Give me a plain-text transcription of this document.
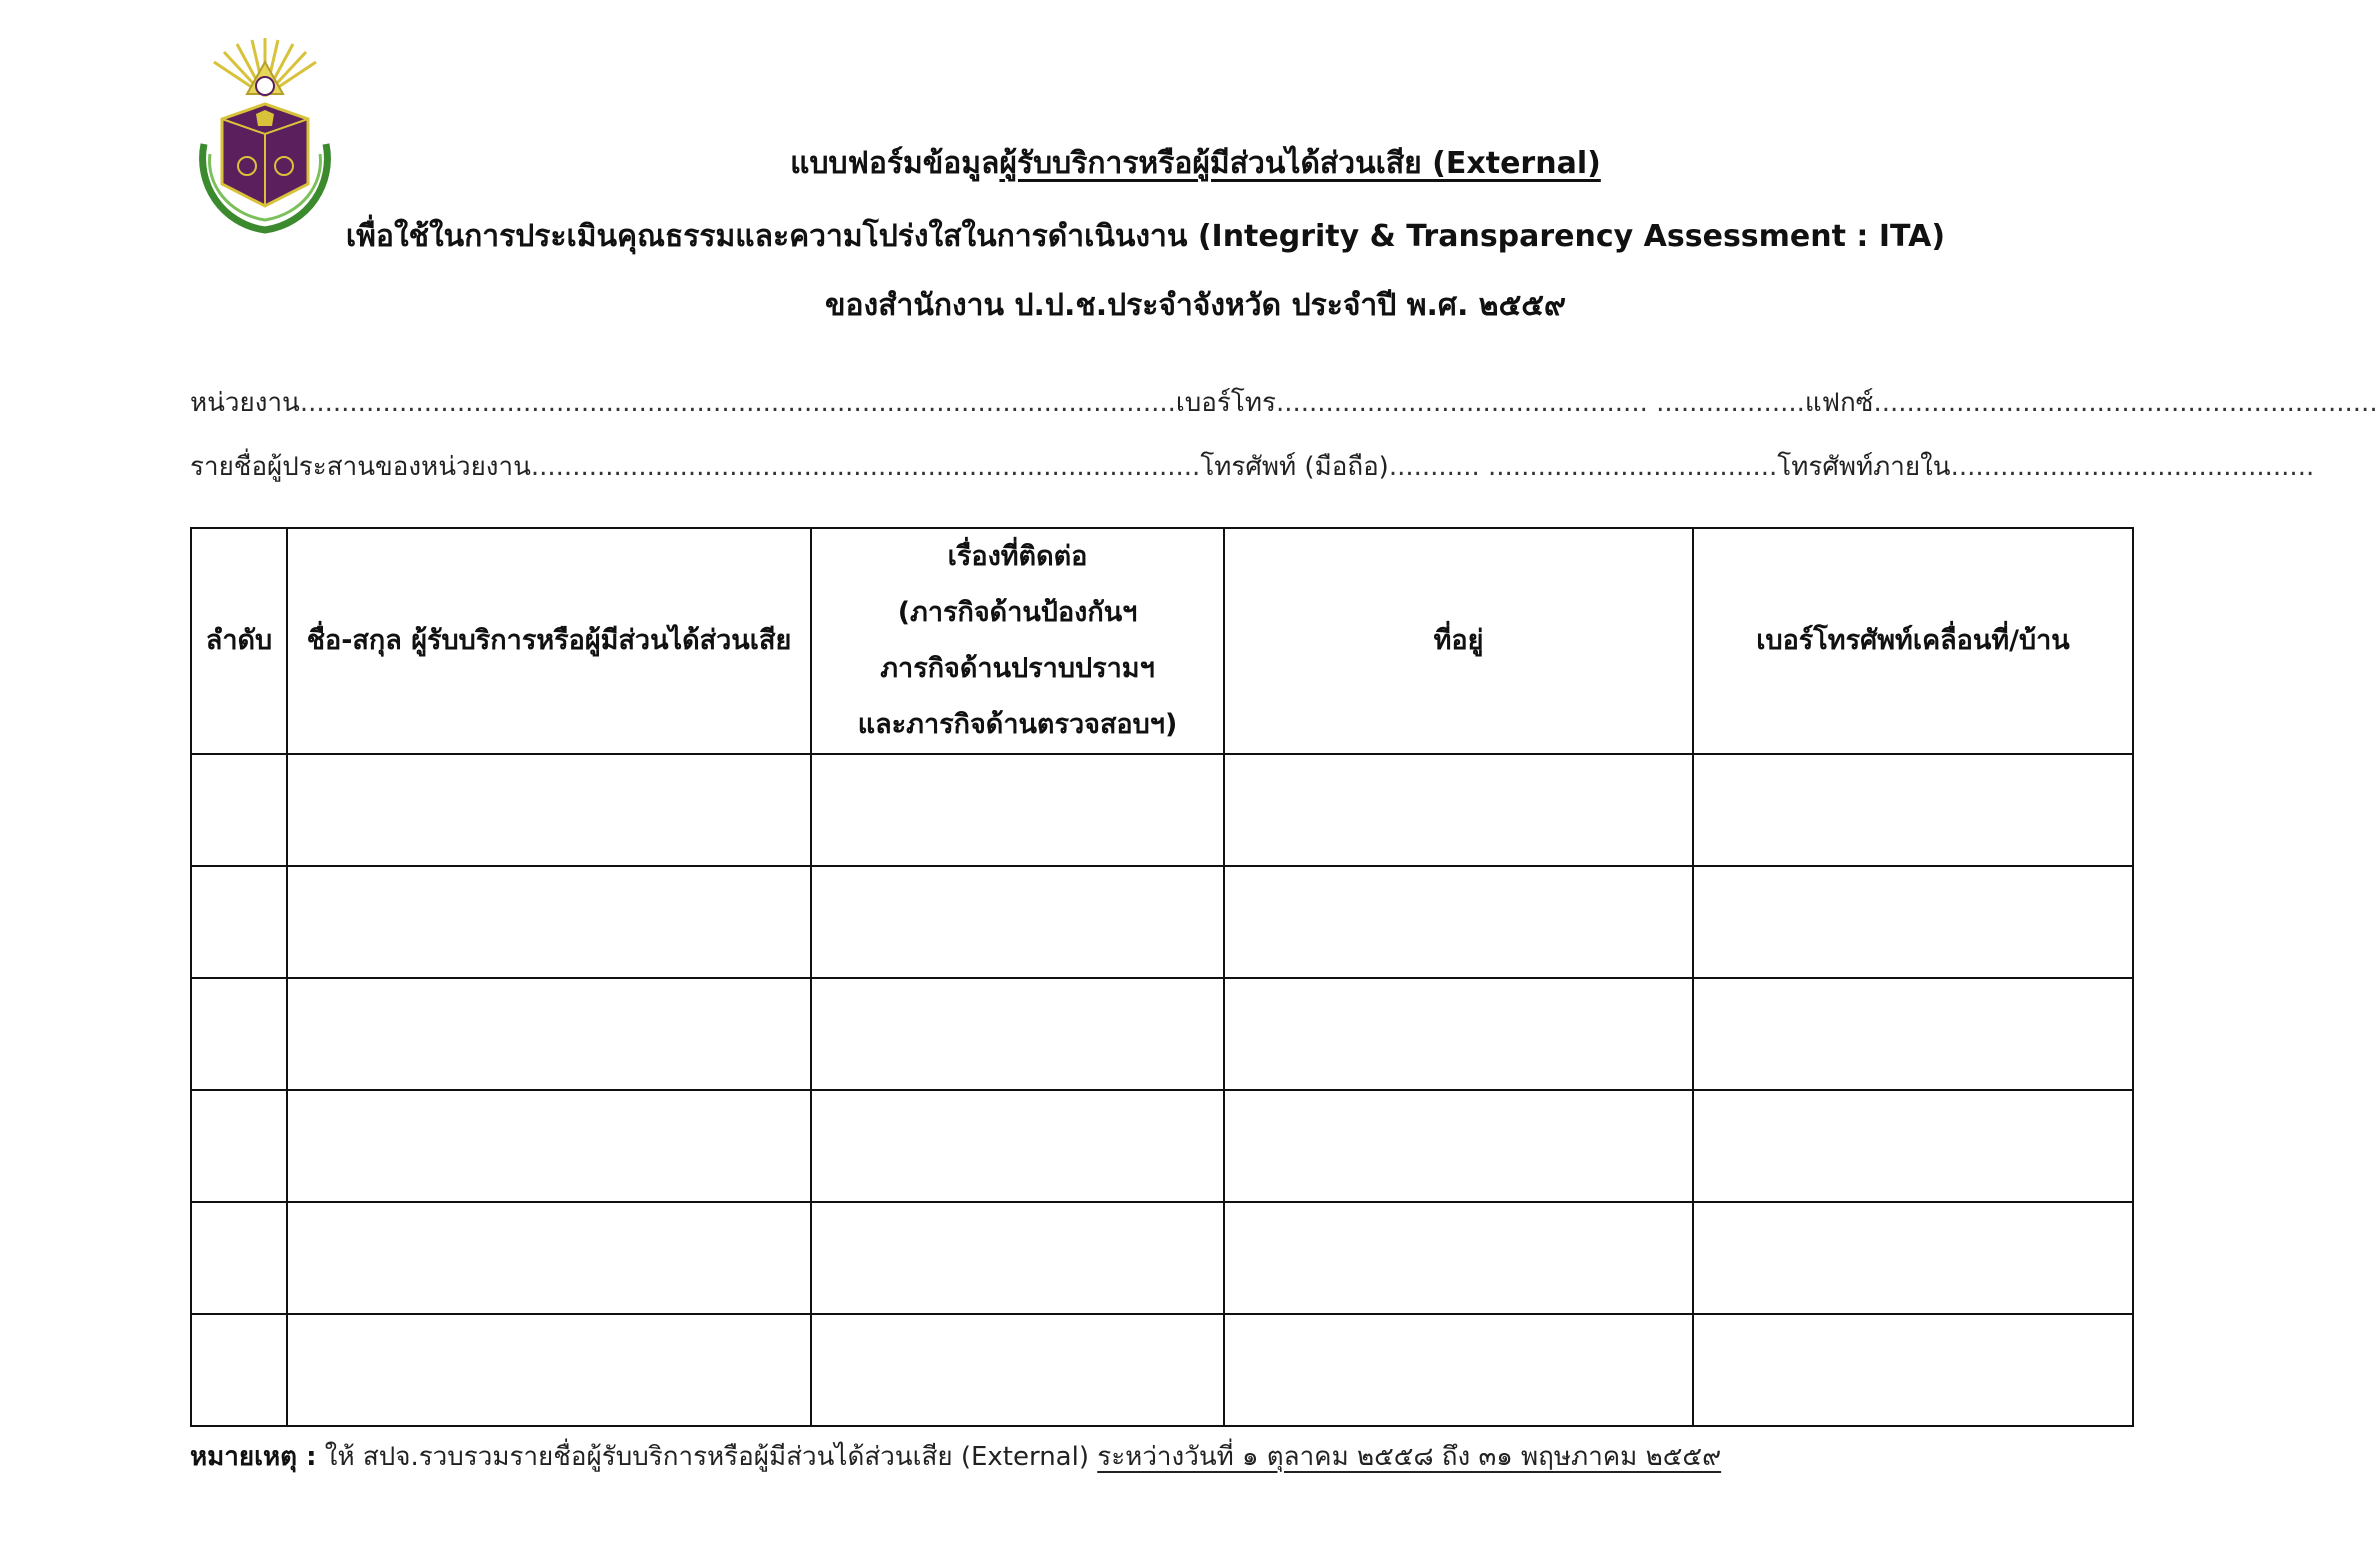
แบบฟอร์มข้อมูลผู้รับบริการหรือผู้มีส่วนได้ส่วนเสีย (External)
เพื่อใช้ในการประเมินคุณธรรมและความโปร่งใสในการดำเนินงาน (Integrity & Transparency Assessment : ITA)
ของสำนักงาน ป.ป.ช.ประจำจังหวัด ประจำปี พ.ศ. ๒๕๕๙
หน่วยงาน..........................................................................................................เบอร์โทร............................................. ..................แฟกซ์.............................................................
รายชื่อผู้ประสานของหน่วยงาน.................................................................................โทรศัพท์ (มือถือ)........... ...................................โทรศัพท์ภายใน............................................
ลำดับ	ชื่อ-สกุล ผู้รับบริการหรือผู้มีส่วนได้ส่วนเสีย	เรื่องที่ติดต่อ
(ภารกิจด้านป้องกันฯ
ภารกิจด้านปราบปรามฯ
และภารกิจด้านตรวจสอบฯ)	ที่อยู่	เบอร์โทรศัพท์เคลื่อนที่/บ้าน

หมายเหตุ : ให้ สปจ.รวบรวมรายชื่อผู้รับบริการหรือผู้มีส่วนได้ส่วนเสีย (External) ระหว่างวันที่ ๑ ตุลาคม ๒๕๕๘ ถึง ๓๑ พฤษภาคม ๒๕๕๙
